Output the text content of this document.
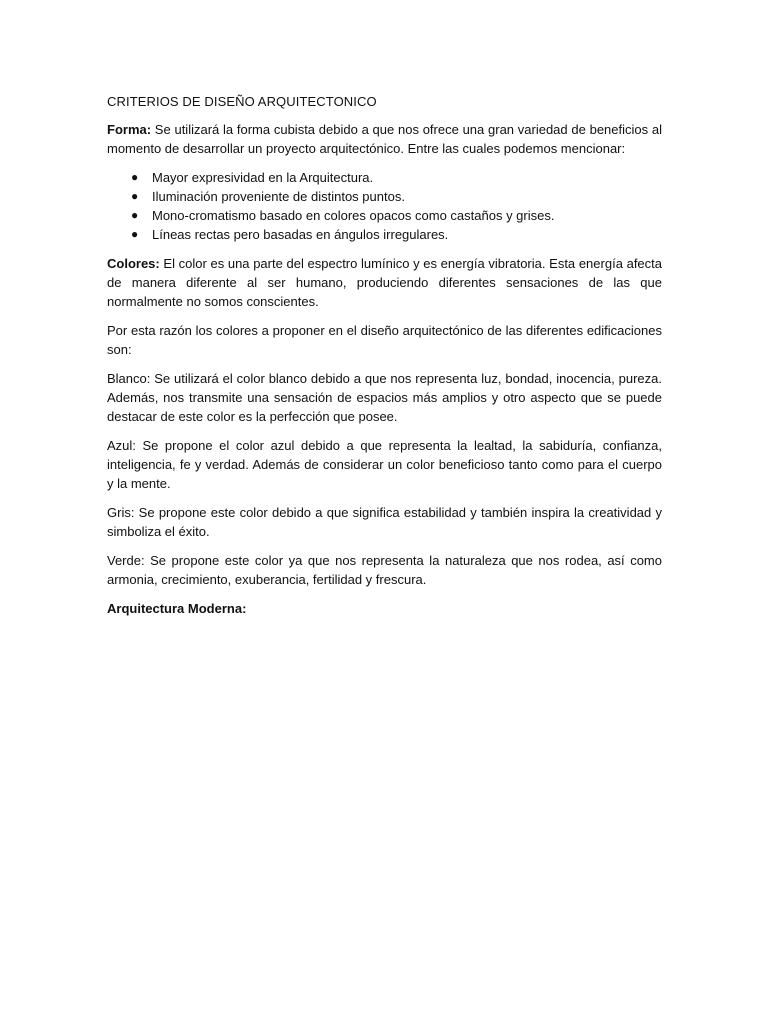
CRITERIOS DE DISEÑO ARQUITECTONICO

Forma: Se utilizará la forma cubista debido a que nos ofrece una gran variedad de beneficios al momento de desarrollar un proyecto arquitectónico. Entre las cuales podemos mencionar:

● Mayor expresividad en la Arquitectura.
● Iluminación proveniente de distintos puntos.
● Mono-cromatismo basado en colores opacos como castaños y grises.
● Líneas rectas pero basadas en ángulos irregulares.

Colores: El color es una parte del espectro lumínico y es energía vibratoria. Esta energía afecta de manera diferente al ser humano, produciendo diferentes sensaciones de las que normalmente no somos conscientes.

Por esta razón los colores a proponer en el diseño arquitectónico de las diferentes edificaciones son:

Blanco: Se utilizará el color blanco debido a que nos representa luz, bondad, inocencia, pureza. Además, nos transmite una sensación de espacios más amplios y otro aspecto que se puede destacar de este color es la perfección que posee.

Azul: Se propone el color azul debido a que representa la lealtad, la sabiduría, confianza, inteligencia, fe y verdad. Además de considerar un color beneficioso tanto como para el cuerpo y la mente.

Gris: Se propone este color debido a que significa estabilidad y también inspira la creatividad y simboliza el éxito.

Verde: Se propone este color ya que nos representa la naturaleza que nos rodea, así como armonia, crecimiento, exuberancia, fertilidad y frescura.

Arquitectura Moderna:
